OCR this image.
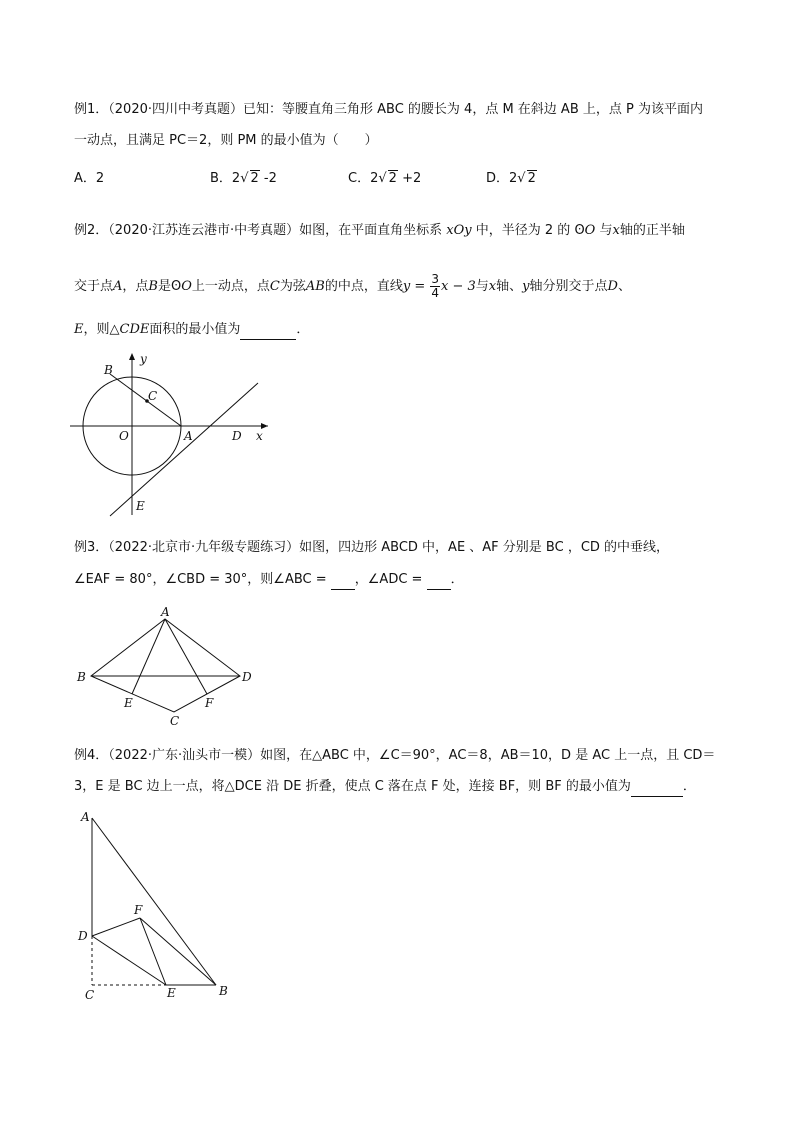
例1．（2020·四川中考真题）已知：等腰直角三角形 ABC 的腰长为 4，点 M 在斜边 AB 上，点 P 为该平面内
一动点，且满足 PC＝2，则 PM 的最小值为（　　）
A．2	B．2√ 2 -2	C．2√ 2 +2	D．2√ 2
例2．（2020·江苏连云港市·中考真题）如图，在平面直角坐标系 xOy 中，半径为 2 的 ʘO 与x轴的正半轴
交于点A，点B是ʘO上一动点，点C为弦AB的中点，直线$y = \frac{3}{4}$ x − 3与x轴、y轴分别交于点D、
E，则△CDE面积的最小值为	．
B
y
C
O	A	D x
E
例3．（2022·北京市·九年级专题练习）如图，四边形 ABCD 中，AE 、AF 分别是 BC ，CD 的中垂线，
∠EAF = 80°，∠CBD = 30°，则∠ABC = ，∠ADC = ．
A
B	D
E	F
C
例4．（2022·广东·汕头市一模）如图，在△ABC 中，∠C＝90°，AC＝8，AB＝10，D 是 AC 上一点，且 CD＝
3，E 是 BC 边上一点，将△DCE 沿 DE 折叠，使点 C 落在点 F 处，连接 BF，则 BF 的最小值为	．
A
F
D
C	E	B
